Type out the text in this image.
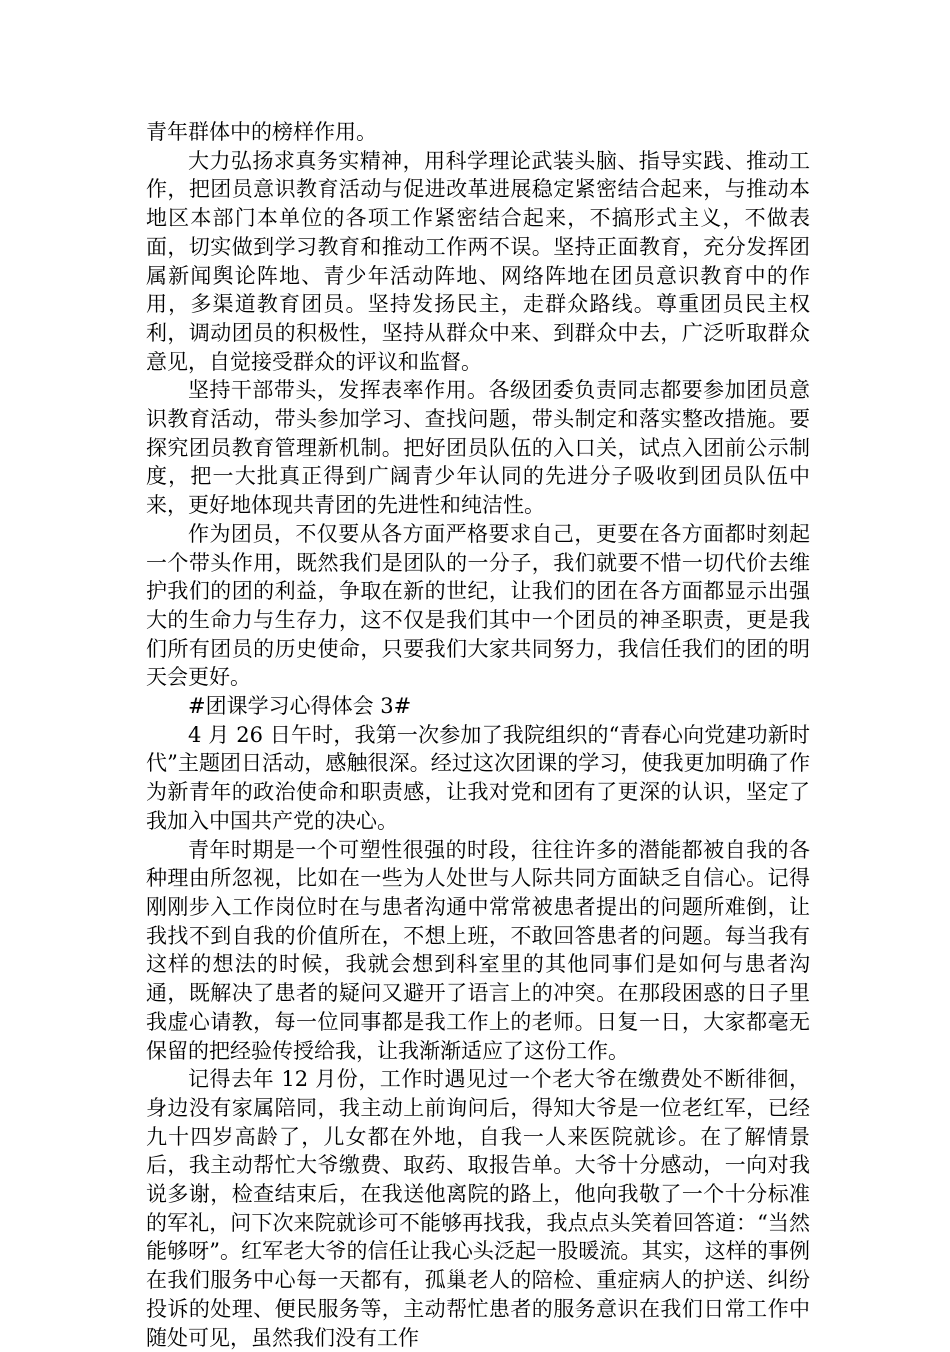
青年群体中的榜样作用。

大力弘扬求真务实精神，用科学理论武装头脑、指导实践、推动工作，把团员意识教育活动与促进改革进展稳定紧密结合起来，与推动本地区本部门本单位的各项工作紧密结合起来，不搞形式主义，不做表面，切实做到学习教育和推动工作两不误。坚持正面教育，充分发挥团属新闻舆论阵地、青少年活动阵地、网络阵地在团员意识教育中的作用，多渠道教育团员。坚持发扬民主，走群众路线。尊重团员民主权利，调动团员的积极性，坚持从群众中来、到群众中去，广泛听取群众意见，自觉接受群众的评议和监督。

坚持干部带头，发挥表率作用。各级团委负责同志都要参加团员意识教育活动，带头参加学习、查找问题，带头制定和落实整改措施。要探究团员教育管理新机制。把好团员队伍的入口关，试点入团前公示制度，把一大批真正得到广阔青少年认同的先进分子吸收到团员队伍中来，更好地体现共青团的先进性和纯洁性。

作为团员，不仅要从各方面严格要求自己，更要在各方面都时刻起一个带头作用，既然我们是团队的一分子，我们就要不惜一切代价去维护我们的团的利益，争取在新的世纪，让我们的团在各方面都显示出强大的生命力与生存力，这不仅是我们其中一个团员的神圣职责，更是我们所有团员的历史使命，只要我们大家共同努力，我信任我们的团的明天会更好。

#团课学习心得体会 3#

4 月 26 日午时，我第一次参加了我院组织的“青春心向党建功新时代”主题团日活动，感触很深。经过这次团课的学习，使我更加明确了作为新青年的政治使命和职责感，让我对党和团有了更深的认识，坚定了我加入中国共产党的决心。

青年时期是一个可塑性很强的时段，往往许多的潜能都被自我的各种理由所忽视，比如在一些为人处世与人际共同方面缺乏自信心。记得刚刚步入工作岗位时在与患者沟通中常常被患者提出的问题所难倒，让我找不到自我的价值所在，不想上班，不敢回答患者的问题。每当我有这样的想法的时候，我就会想到科室里的其他同事们是如何与患者沟通，既解决了患者的疑问又避开了语言上的冲突。在那段困惑的日子里我虚心请教，每一位同事都是我工作上的老师。日复一日，大家都毫无保留的把经验传授给我，让我渐渐适应了这份工作。

记得去年 12 月份，工作时遇见过一个老大爷在缴费处不断徘徊，身边没有家属陪同，我主动上前询问后，得知大爷是一位老红军，已经九十四岁高龄了，儿女都在外地，自我一人来医院就诊。在了解情景后，我主动帮忙大爷缴费、取药、取报告单。大爷十分感动，一向对我说多谢，检查结束后，在我送他离院的路上，他向我敬了一个十分标准的军礼，问下次来院就诊可不能够再找我，我点点头笑着回答道：“当然能够呀”。红军老大爷的信任让我心头泛起一股暖流。其实，这样的事例在我们服务中心每一天都有，孤巢老人的陪检、重症病人的护送、纠纷投诉的处理、便民服务等，主动帮忙患者的服务意识在我们日常工作中随处可见，虽然我们没有工作
